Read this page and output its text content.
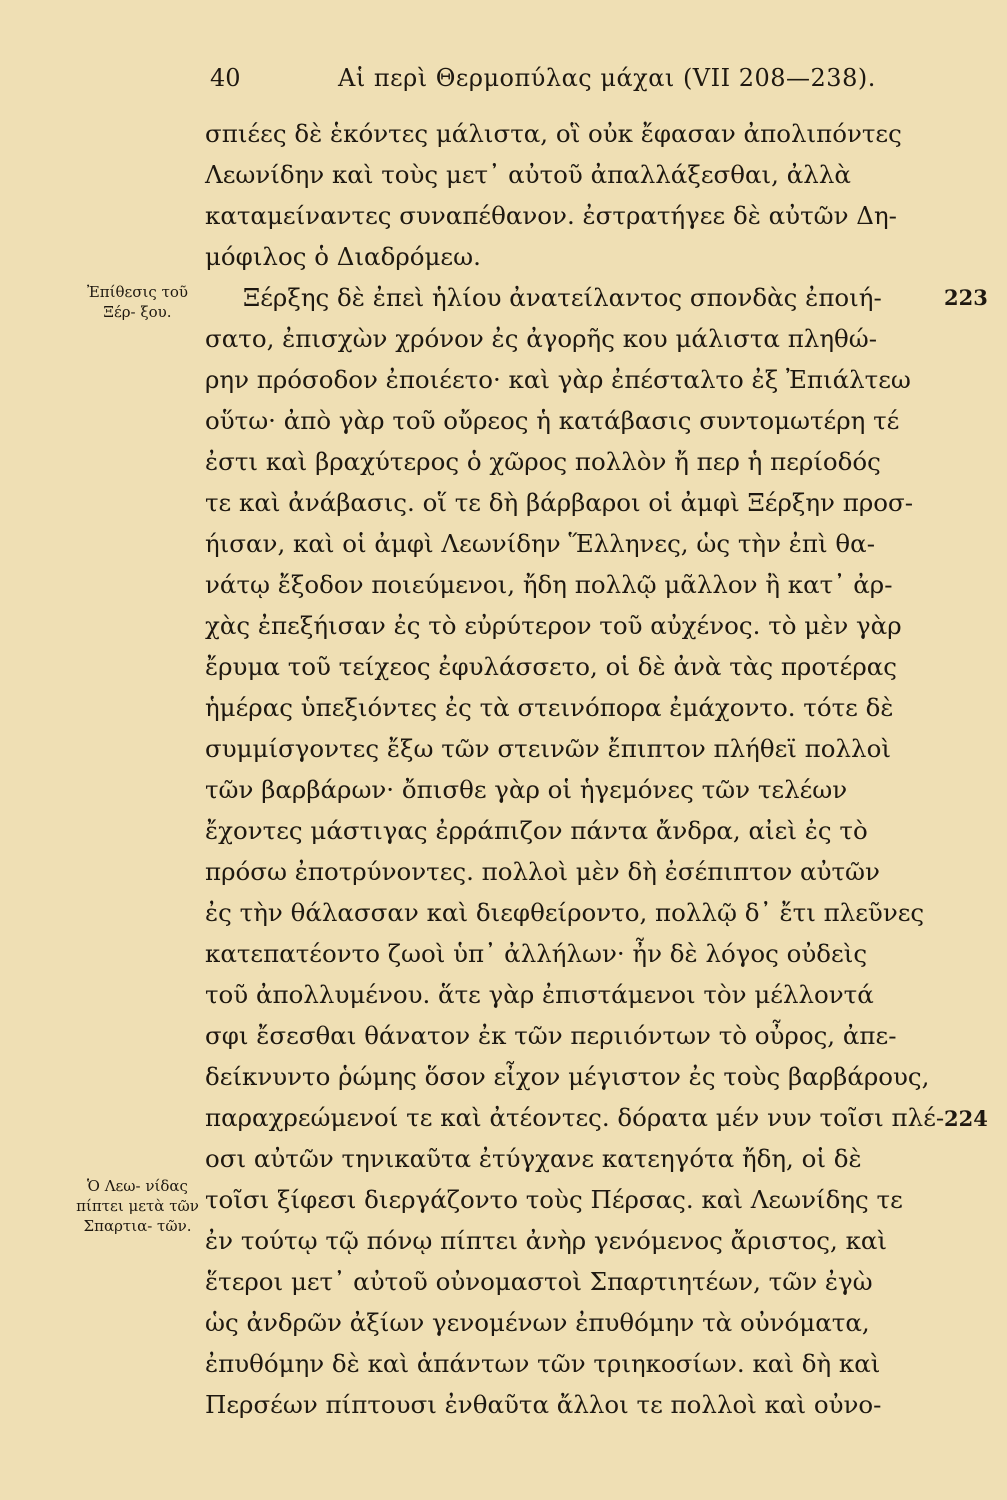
40	Αἱ περὶ Θερμοπύλας μάχαι (VII 208—238).
σπιέες δὲ ἑκόντες μάλιστα, οἳ οὐκ ἔφασαν ἀπολιπόντες
Λεωνίδην καὶ τοὺς μετ᾽ αὐτοῦ ἀπαλλάξεσθαι, ἀλλὰ
καταμείναντες συναπέθανον. ἐστρατήγεε δὲ αὐτῶν Δη-
μόφιλος ὁ Διαδρόμεω.
Ξέρξης δὲ ἐπεὶ ἡλίου ἀνατείλαντος σπονδὰς ἐποιή-
σατο, ἐπισχὼν χρόνον ἐς ἀγορῆς κου μάλιστα πληθώ-
ρην πρόσοδον ἐποιέετο· καὶ γὰρ ἐπέσταλτο ἐξ Ἐπιάλτεω
οὕτω· ἀπὸ γὰρ τοῦ οὔρεος ἡ κατάβασις συντομωτέρη τέ
ἐστι καὶ βραχύτερος ὁ χῶρος πολλὸν ἤ περ ἡ περίοδός
τε καὶ ἀνάβασις. οἵ τε δὴ βάρβαροι οἱ ἀμφὶ Ξέρξην προσ-
ήισαν, καὶ οἱ ἀμφὶ Λεωνίδην Ἕλληνες, ὡς τὴν ἐπὶ θα-
νάτῳ ἔξοδον ποιεύμενοι, ἤδη πολλῷ μᾶλλον ἢ κατ᾽ ἀρ-
χὰς ἐπεξήισαν ἐς τὸ εὐρύτερον τοῦ αὐχένος. τὸ μὲν γὰρ
ἔρυμα τοῦ τείχεος ἐφυλάσσετο, οἱ δὲ ἀνὰ τὰς προτέρας
ἡμέρας ὑπεξιόντες ἐς τὰ στεινόπορα ἐμάχοντο. τότε δὲ
συμμίσγοντες ἔξω τῶν στεινῶν ἔπιπτον πλήθεϊ πολλοὶ
τῶν βαρβάρων· ὄπισθε γὰρ οἱ ἡγεμόνες τῶν τελέων
ἔχοντες μάστιγας ἐρράπιζον πάντα ἄνδρα, αἰεὶ ἐς τὸ
πρόσω ἐποτρύνοντες. πολλοὶ μὲν δὴ ἐσέπιπτον αὐτῶν
ἐς τὴν θάλασσαν καὶ διεφθείροντο, πολλῷ δ᾽ ἔτι πλεῦνες
κατεπατέοντο ζωοὶ ὑπ᾽ ἀλλήλων· ἦν δὲ λόγος οὐδεὶς
τοῦ ἀπολλυμένου. ἅτε γὰρ ἐπιστάμενοι τὸν μέλλοντά
σφι ἔσεσθαι θάνατον ἐκ τῶν περιιόντων τὸ οὖρος, ἀπε-
δείκνυντο ῥώμης ὅσον εἶχον μέγιστον ἐς τοὺς βαρβάρους,
παραχρεώμενοί τε καὶ ἀτέοντες. δόρατα μέν νυν τοῖσι πλέ-
οσι αὐτῶν τηνικαῦτα ἐτύγχανε κατεηγότα ἤδη, οἱ δὲ
τοῖσι ξίφεσι διεργάζοντο τοὺς Πέρσας. καὶ Λεωνίδης τε
ἐν τούτῳ τῷ πόνῳ πίπτει ἀνὴρ γενόμενος ἄριστος, καὶ
ἕτεροι μετ᾽ αὐτοῦ οὐνομαστοὶ Σπαρτιητέων, τῶν ἐγὼ
ὡς ἀνδρῶν ἀξίων γενομένων ἐπυθόμην τὰ οὐνόματα,
ἐπυθόμην δὲ καὶ ἁπάντων τῶν τριηκοσίων. καὶ δὴ καὶ
Περσέων πίπτουσι ἐνθαῦτα ἄλλοι τε πολλοὶ καὶ οὐνο-
Ἐπίθεσις τοῦ Ξέρ- ξου.
Ὁ Λεω- νίδας πίπτει μετὰ τῶν Σπαρτια- τῶν.
223
224
